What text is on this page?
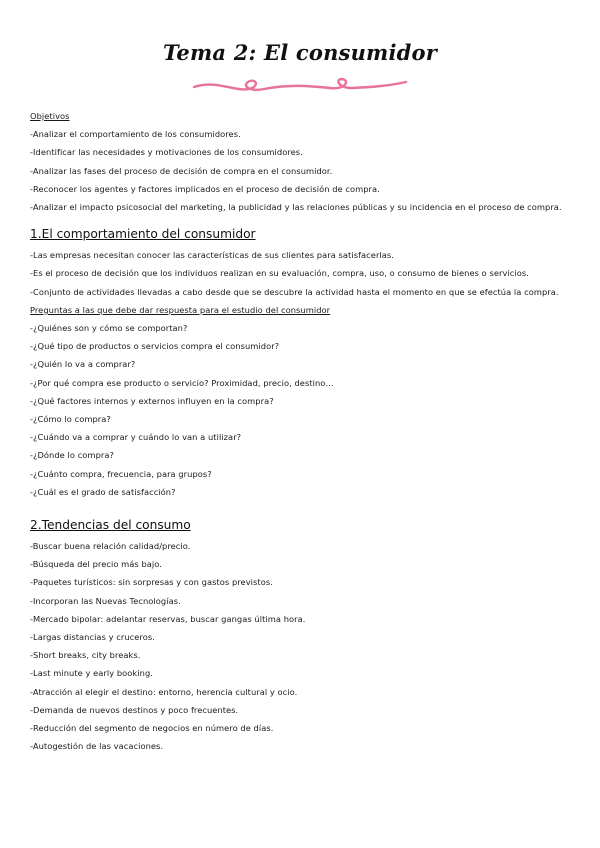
Tema 2: El consumidor
Objetivos
-Analizar el comportamiento de los consumidores.
-Identificar las necesidades y motivaciones de los consumidores.
-Analizar las fases del proceso de decisión de compra en el consumidor.
-Reconocer los agentes y factores implicados en el proceso de decisión de compra.
-Analizar el impacto psicosocial del marketing, la publicidad y las relaciones públicas y su incidencia en el proceso de compra.
1.El comportamiento del consumidor
-Las empresas necesitan conocer las características de sus clientes para satisfacerlas.
-Es el proceso de decisión que los individuos realizan en su evaluación, compra, uso, o consumo de bienes o servicios.
-Conjunto de actividades llevadas a cabo desde que se descubre la actividad hasta el momento en que se efectúa la compra.
Preguntas a las que debe dar respuesta para el estudio del consumidor
-¿Quiénes son y cómo se comportan?
-¿Qué tipo de productos o servicios compra el consumidor?
-¿Quién lo va a comprar?
-¿Por qué compra ese producto o servicio? Proximidad, precio, destino…
-¿Qué factores internos y externos influyen en la compra?
-¿Cómo lo compra?
-¿Cuándo va a comprar y cuándo lo van a utilizar?
-¿Dónde lo compra?
-¿Cuánto compra, frecuencia, para grupos?
-¿Cuál es el grado de satisfacción?
2.Tendencias del consumo
-Buscar buena relación calidad/precio.
-Búsqueda del precio más bajo.
-Paquetes turísticos: sin sorpresas y con gastos previstos.
-Incorporan las Nuevas Tecnologías.
-Mercado bipolar: adelantar reservas, buscar gangas última hora.
-Largas distancias y cruceros.
-Short breaks, city breaks.
-Last minute y early booking.
-Atracción al elegir el destino: entorno, herencia cultural y ocio.
-Demanda de nuevos destinos y poco frecuentes.
-Reducción del segmento de negocios en número de días.
-Autogestión de las vacaciones.
